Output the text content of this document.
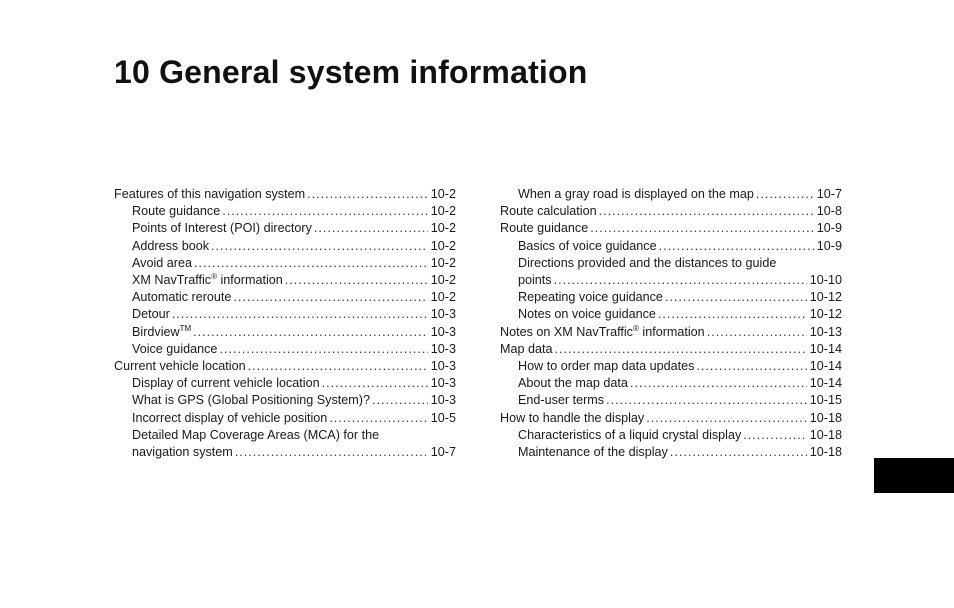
10 General system information
Features of this navigation system .....	10-2
Route guidance .....	10-2
Points of Interest (POI) directory .....	10-2
Address book .....	10-2
Avoid area .....	10-2
XM NavTraffic® information .....	10-2
Automatic reroute .....	10-2
Detour .....	10-3
Birdview™ .....	10-3
Voice guidance .....	10-3
Current vehicle location .....	10-3
Display of current vehicle location .....	10-3
What is GPS (Global Positioning System)? .....	10-3
Incorrect display of vehicle position .....	10-5
Detailed Map Coverage Areas (MCA) for the
navigation system .....	10-7
When a gray road is displayed on the map .....	10-7
Route calculation .....	10-8
Route guidance .....	10-9
Basics of voice guidance .....	10-9
Directions provided and the distances to guide
points .....	10-10
Repeating voice guidance .....	10-12
Notes on voice guidance .....	10-12
Notes on XM NavTraffic® information .....	10-13
Map data .....	10-14
How to order map data updates .....	10-14
About the map data .....	10-14
End-user terms .....	10-15
How to handle the display .....	10-18
Characteristics of a liquid crystal display .....	10-18
Maintenance of the display .....	10-18
